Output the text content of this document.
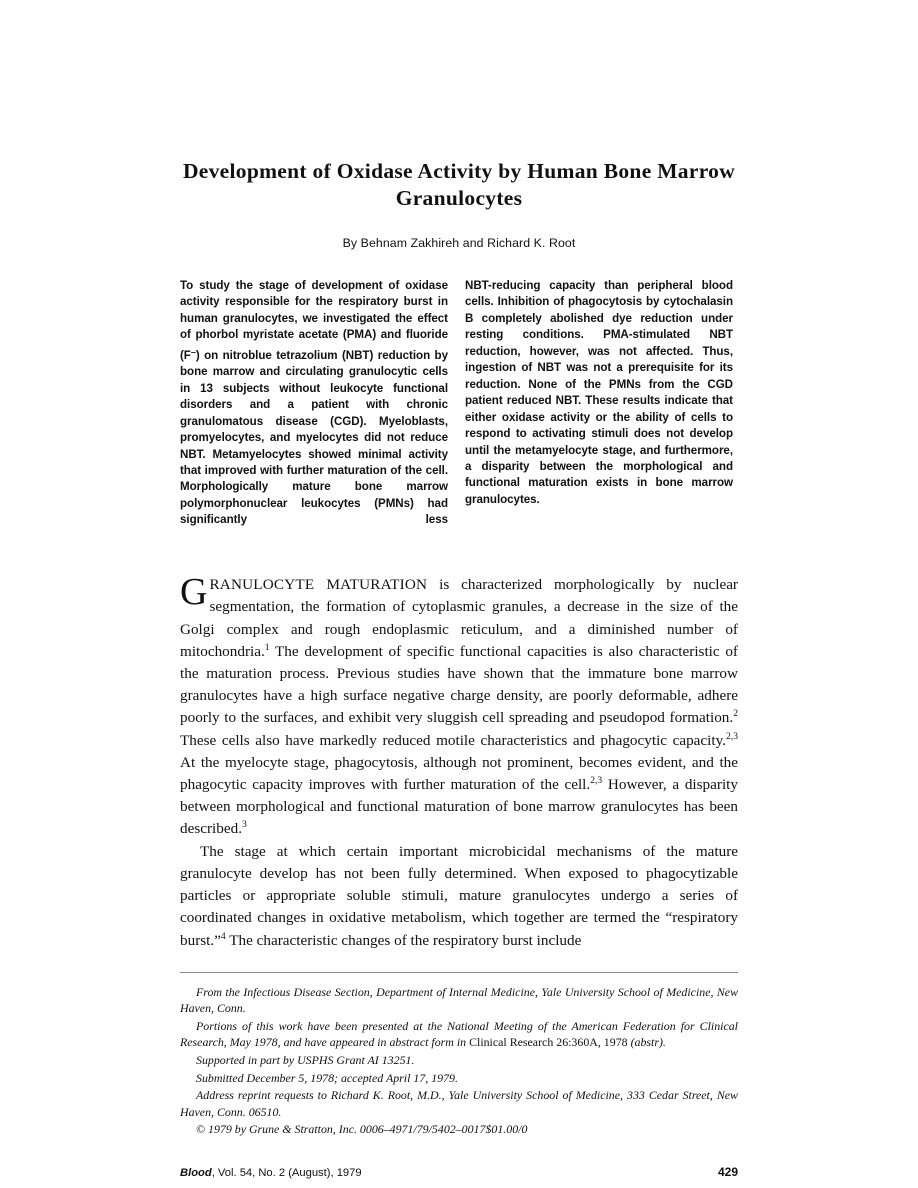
Development of Oxidase Activity by Human Bone Marrow Granulocytes
By Behnam Zakhireh and Richard K. Root

To study the stage of development of oxidase activity responsible for the respiratory burst in human granulocytes, we investigated the effect of phorbol myristate acetate (PMA) and fluoride (F–) on nitroblue tetrazolium (NBT) reduction by bone marrow and circulating granulocytic cells in 13 subjects without leukocyte functional disorders and a patient with chronic granulomatous disease (CGD). Myeloblasts, promyelocytes, and myelocytes did not reduce NBT. Metamyelocytes showed minimal activity that improved with further maturation of the cell. Morphologically mature bone marrow polymorphonuclear leukocytes (PMNs) had significantly less

NBT-reducing capacity than peripheral blood cells. Inhibition of phagocytosis by cytochalasin B completely abolished dye reduction under resting conditions. PMA-stimulated NBT reduction, however, was not affected. Thus, ingestion of NBT was not a prerequisite for its reduction. None of the PMNs from the CGD patient reduced NBT. These results indicate that either oxidase activity or the ability of cells to respond to activating stimuli does not develop until the metamyelocyte stage, and furthermore, a disparity between the morphological and functional maturation exists in bone marrow granulocytes.

GRANULOCYTE MATURATION is characterized morphologically by nuclear segmentation, the formation of cytoplasmic granules, a decrease in the size of the Golgi complex and rough endoplasmic reticulum, and a diminished number of mitochondria.$^1$ The development of specific functional capacities is also characteristic of the maturation process. Previous studies have shown that the immature bone marrow granulocytes have a high surface negative charge density, are poorly deformable, adhere poorly to the surfaces, and exhibit very sluggish cell spreading and pseudopod formation.$^2$ These cells also have markedly reduced motile characteristics and phagocytic capacity.$^{2,3}$ At the myelocyte stage, phagocytosis, although not prominent, becomes evident, and the phagocytic capacity improves with further maturation of the cell.$^{2,3}$ However, a disparity between morphological and functional maturation of bone marrow granulocytes has been described.$^3$

The stage at which certain important microbicidal mechanisms of the mature granulocyte develop has not been fully determined. When exposed to phagocytizable particles or appropriate soluble stimuli, mature granulocytes undergo a series of coordinated changes in oxidative metabolism, which together are termed the “respiratory burst.”$^4$ The characteristic changes of the respiratory burst include

From the Infectious Disease Section, Department of Internal Medicine, Yale University School of Medicine, New Haven, Conn.

Portions of this work have been presented at the National Meeting of the American Federation for Clinical Research, May 1978, and have appeared in abstract form in Clinical Research 26:360A, 1978 (abstr).

Supported in part by USPHS Grant AI 13251.

Submitted December 5, 1978; accepted April 17, 1979.

Address reprint requests to Richard K. Root, M.D., Yale University School of Medicine, 333 Cedar Street, New Haven, Conn. 06510.

© 1979 by Grune & Stratton, Inc. 0006–4971/79/5402–0017$01.00/0

Blood, Vol. 54, No. 2 (August), 1979	429
